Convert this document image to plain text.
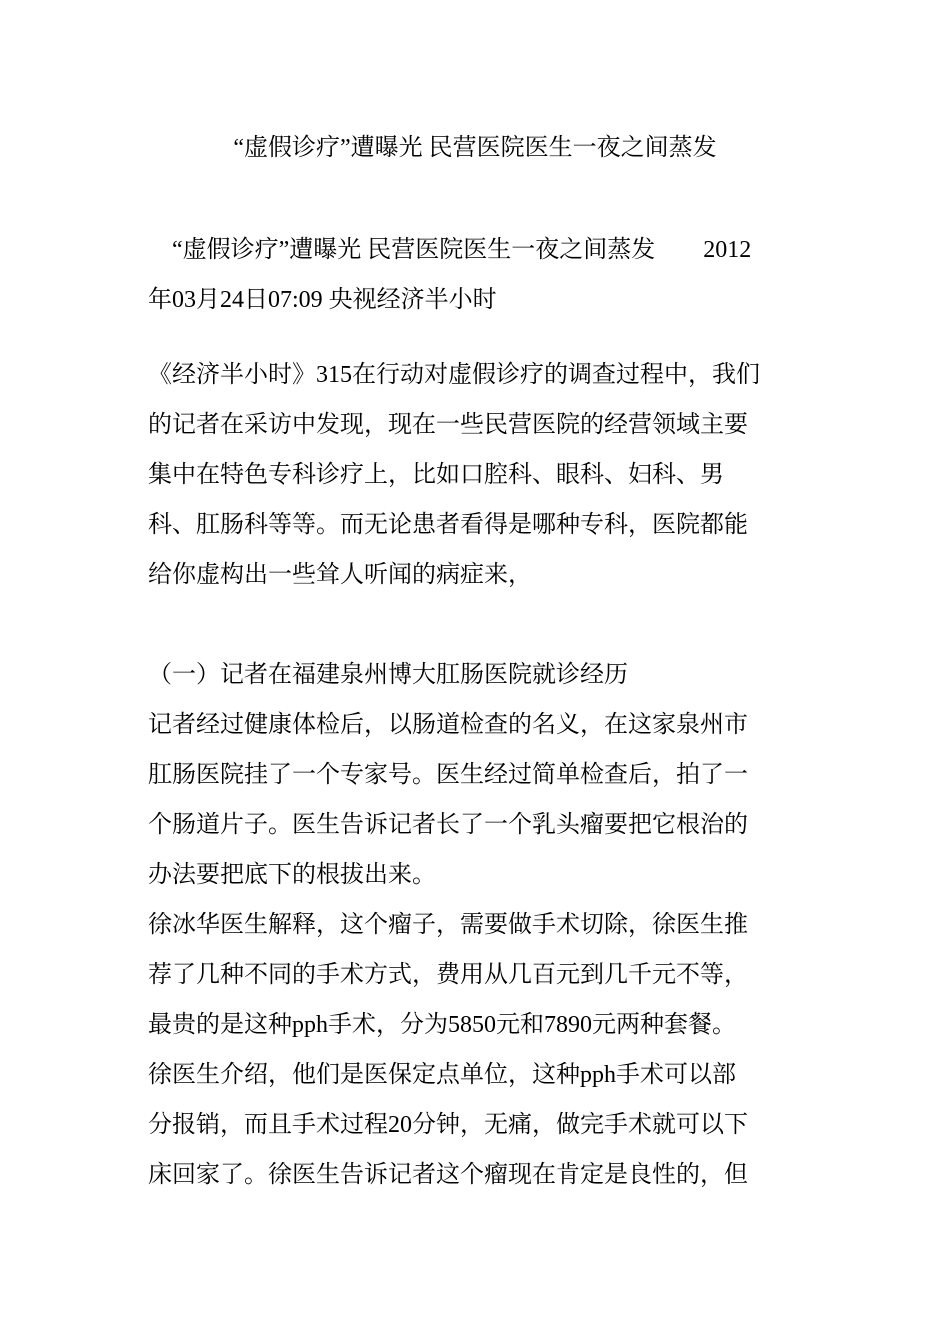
“虚假诊疗”遭曝光 民营医院医生一夜之间蒸发
“虚假诊疗”遭曝光 民营医院医生一夜之间蒸发　　2012
年03月24日07:09 央视经济半小时
《经济半小时》315在行动对虚假诊疗的调查过程中，我们
的记者在采访中发现，现在一些民营医院的经营领域主要
集中在特色专科诊疗上，比如口腔科、眼科、妇科、男
科、肛肠科等等。而无论患者看得是哪种专科，医院都能
给你虚构出一些耸人听闻的病症来，
（一）记者在福建泉州博大肛肠医院就诊经历
记者经过健康体检后，以肠道检查的名义，在这家泉州市
肛肠医院挂了一个专家号。医生经过简单检查后，拍了一
个肠道片子。医生告诉记者长了一个乳头瘤要把它根治的
办法要把底下的根拔出来。
徐冰华医生解释，这个瘤子，需要做手术切除，徐医生推
荐了几种不同的手术方式，费用从几百元到几千元不等，
最贵的是这种pph手术，分为5850元和7890元两种套餐。
徐医生介绍，他们是医保定点单位，这种pph手术可以部
分报销，而且手术过程20分钟，无痛，做完手术就可以下
床回家了。徐医生告诉记者这个瘤现在肯定是良性的，但
